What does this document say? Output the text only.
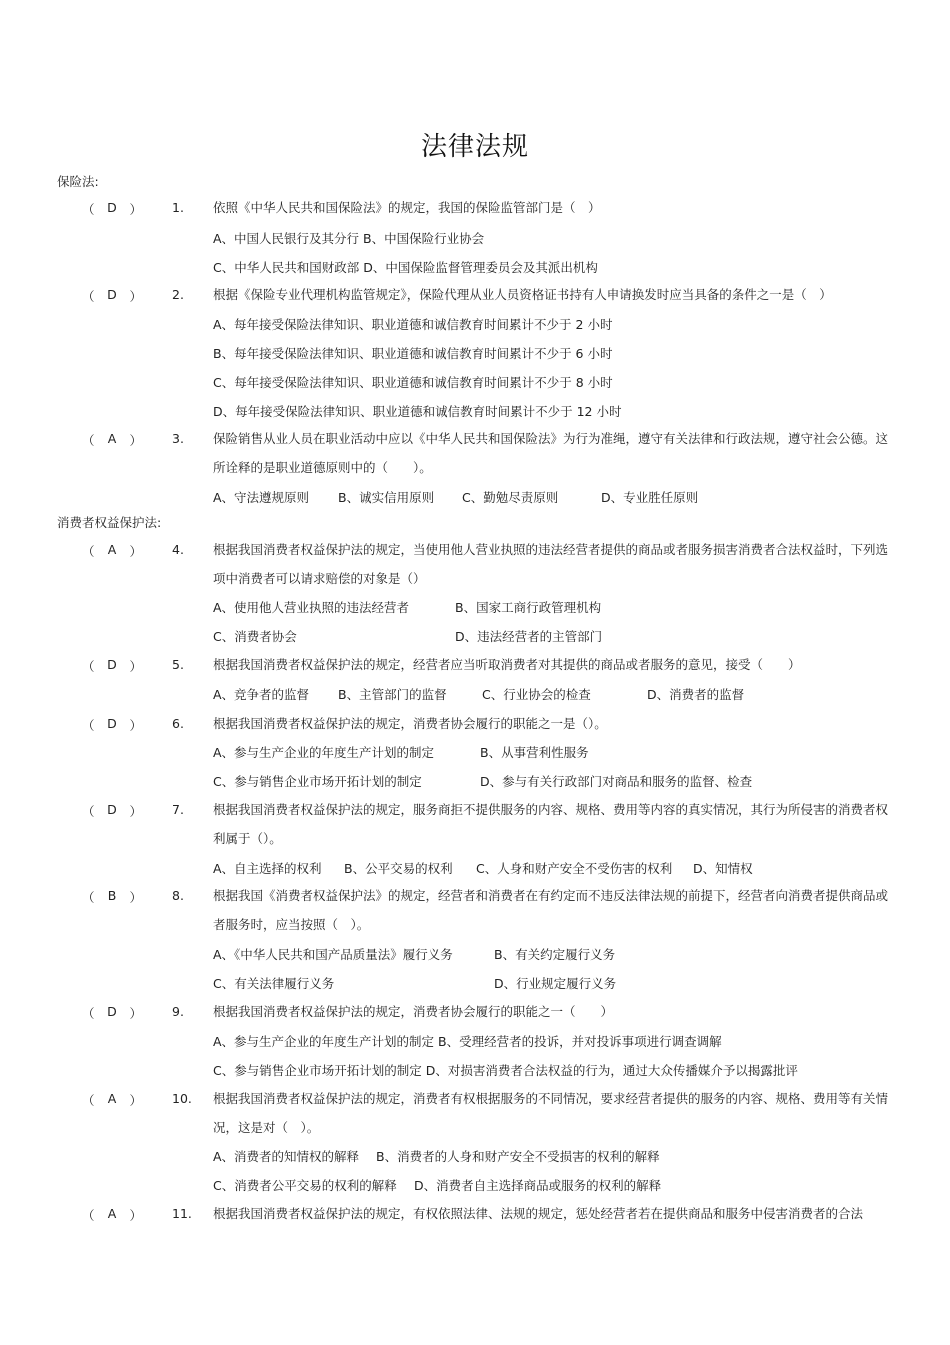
法律法规
保险法:
（	D	） 1. 依照《中华人民共和国保险法》的规定，我国的保险监管部门是（　）
A、中国人民银行及其分行 B、中国保险行业协会
C、中华人民共和国财政部 D、中国保险监督管理委员会及其派出机构
（	D	） 2. 根据《保险专业代理机构监管规定》，保险代理从业人员资格证书持有人申请换发时应当具备的条件之一是（　）
A、每年接受保险法律知识、职业道德和诚信教育时间累计不少于 2 小时
B、每年接受保险法律知识、职业道德和诚信教育时间累计不少于 6 小时
C、每年接受保险法律知识、职业道德和诚信教育时间累计不少于 8 小时
D、每年接受保险法律知识、职业道德和诚信教育时间累计不少于 12 小时
（	A	） 3. 保险销售从业人员在职业活动中应以《中华人民共和国保险法》为行为准绳，遵守有关法律和行政法规，遵守社会公德。这所诠释的是职业道德原则中的（　　）。
A、守法遵规原则 B、诚实信用原则 C、勤勉尽责原则	D、专业胜任原则
消费者权益保护法:
（	A	） 4. 根据我国消费者权益保护法的规定，当使用他人营业执照的违法经营者提供的商品或者服务损害消费者合法权益时，下列选项中消费者可以请求赔偿的对象是（）
A、使用他人营业执照的违法经营者	B、国家工商行政管理机构
C、消费者协会	D、违法经营者的主管部门
（	D	） 5. 根据我国消费者权益保护法的规定，经营者应当听取消费者对其提供的商品或者服务的意见，接受（　　）
A、竞争者的监督 B、主管部门的监督	C、行业协会的检查	D、消费者的监督
（	D	） 6. 根据我国消费者权益保护法的规定，消费者协会履行的职能之一是（）。
A、参与生产企业的年度生产计划的制定	B、从事营利性服务
C、参与销售企业市场开拓计划的制定	D、参与有关行政部门对商品和服务的监督、检查
（	D	） 7. 根据我国消费者权益保护法的规定，服务商拒不提供服务的内容、规格、费用等内容的真实情况，其行为所侵害的消费者权利属于（）。
A、自主选择的权利 B、公平交易的权利 C、人身和财产安全不受伤害的权利 D、知情权
（	B	） 8. 根据我国《消费者权益保护法》的规定，经营者和消费者在有约定而不违反法律法规的前提下，经营者向消费者提供商品或者服务时，应当按照（　）。
A、《中华人民共和国产品质量法》履行义务	B、有关约定履行义务
C、有关法律履行义务	D、行业规定履行义务
（	D	） 9. 根据我国消费者权益保护法的规定，消费者协会履行的职能之一（　　）
A、参与生产企业的年度生产计划的制定 B、受理经营者的投诉，并对投诉事项进行调查调解
C、参与销售企业市场开拓计划的制定 D、对损害消费者合法权益的行为，通过大众传播媒介予以揭露批评
（	A	） 10. 根据我国消费者权益保护法的规定，消费者有权根据服务的不同情况，要求经营者提供的服务的内容、规格、费用等有关情况，这是对（　）。
A、消费者的知情权的解释 B、消费者的人身和财产安全不受损害的权利的解释
C、消费者公平交易的权利的解释 D、消费者自主选择商品或服务的权利的解释
（	A	） 11. 根据我国消费者权益保护法的规定，有权依照法律、法规的规定，惩处经营者若在提供商品和服务中侵害消费者的合法
